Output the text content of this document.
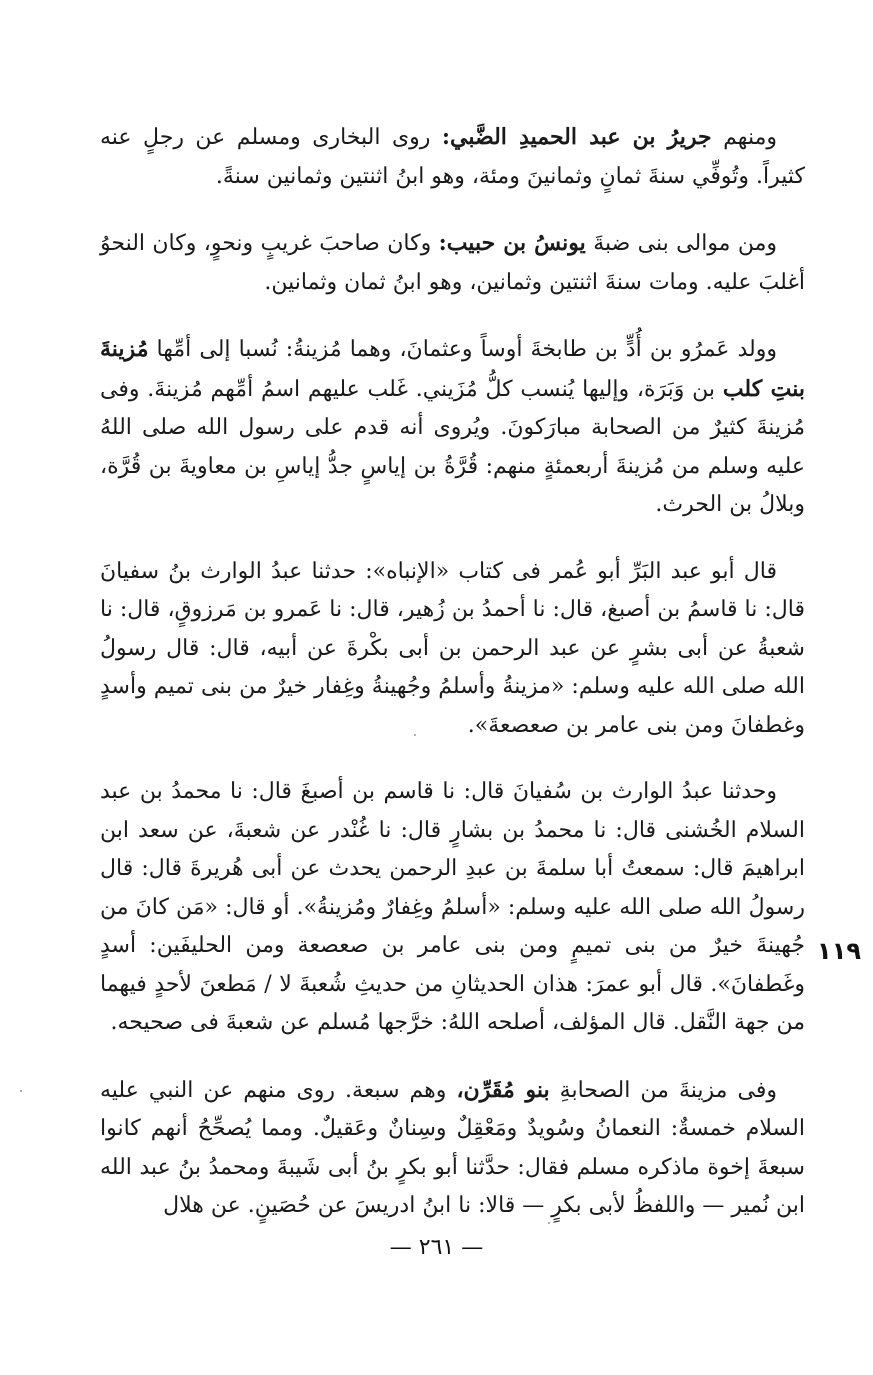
ومنهم جريرُ بن عبد الحميدِ الضَّبي: روى البخارى ومسلم عن رجلٍ عنه كثيراً. وتُوفِّي سنةَ ثمانٍ وثمانينَ ومئة، وهو ابنُ اثنتين وثمانين سنةً.

ومن موالى بنى ضبةَ يونسُ بن حبيب: وكان صاحبَ غريبٍ ونحوٍ، وكان النحوُ أغلبَ عليه. ومات سنةَ اثنتين وثمانين، وهو ابنُ ثمان وثمانين.

وولد عَمرُو بن أُدٍّ بن طابخةَ أوساً وعثمانَ، وهما مُزينةُ: نُسبا إلى أمِّها مُزينةَ بنتِ كلب بن وَبَرَة، وإليها يُنسب كلُّ مُزَيني. غَلب عليهم اسمُ أمِّهم مُزينةَ. وفى مُزينةَ كثيرٌ من الصحابة مبارَكونَ. ويُروى أنه قدم على رسول الله صلى اللهُ عليه وسلم من مُزينةَ أربعمئةٍ منهم: قُرَّةُ بن إياسٍ جدُّ إياسِ بن معاويةَ بن قُرَّة، وبلالُ بن الحرث.

قال أبو عبد البَرِّ أبو عُمر فى كتاب «الإنباه»: حدثنا عبدُ الوارث بنُ سفيانَ قال: نا قاسمُ بن أصبغ، قال: نا أحمدُ بن زُهير، قال: نا عَمرو بن مَرزوقٍ، قال: نا شعبةُ عن أبى بشرٍ عن عبد الرحمن بن أبى بكْرةَ عن أبيه، قال: قال رسولُ الله صلى الله عليه وسلم: «مزينةُ وأسلمُ وجُهينةُ وغِفار خيرٌ من بنى تميم وأسدٍ وغطفانَ ومن بنى عامر بن صعصعةَ».

وحدثنا عبدُ الوارث بن سُفيانَ قال: نا قاسم بن أصبغَ قال: نا محمدُ بن عبد السلام الخُشنى قال: نا محمدُ بن بشارٍ قال: نا غُنْدر عن شعبةَ، عن سعد ابن ابراهيمَ قال: سمعتُ أبا سلمةَ بن عبدِ الرحمن يحدث عن أبى هُريرةَ قال: قال رسولُ الله صلى الله عليه وسلم: «أسلمُ وغِفارٌ ومُزينةُ». أو قال: «مَن كانَ من جُهينةَ خيرٌ من بنى تميمٍ ومن بنى عامر بن صعصعة ومن الحليفَين: أسدٍ وغَطفانَ». قال أبو عمرَ: هذان الحديثانِ من حديثِ شُعبةَ لا / مَطعنَ لأحدٍ فيهما من جهة النَّقل. قال المؤلف، أصلحه اللهُ: خرَّجها مُسلم عن شعبةَ فى صحيحه.

وفى مزينةَ من الصحابةِ بنو مُقَرِّن، وهم سبعة. روى منهم عن النبي عليه السلام خمسةٌ: النعمانُ وسُويدٌ ومَعْقِلٌ وسِنانٌ وعَقيلٌ. ومما يُصحِّحُ أنهم كانوا سبعةَ إخوة ماذكره مسلم فقال: حدَّثنا أبو بكرٍ بنُ أبى شَيبةَ ومحمدُ بنُ عبد الله ابن نُمير — واللفظُ لأبى بكرٍ — قالا: نا ابنُ ادريسَ عن حُصَينٍ. عن هلال

١١٩
— ٢٦١ —
